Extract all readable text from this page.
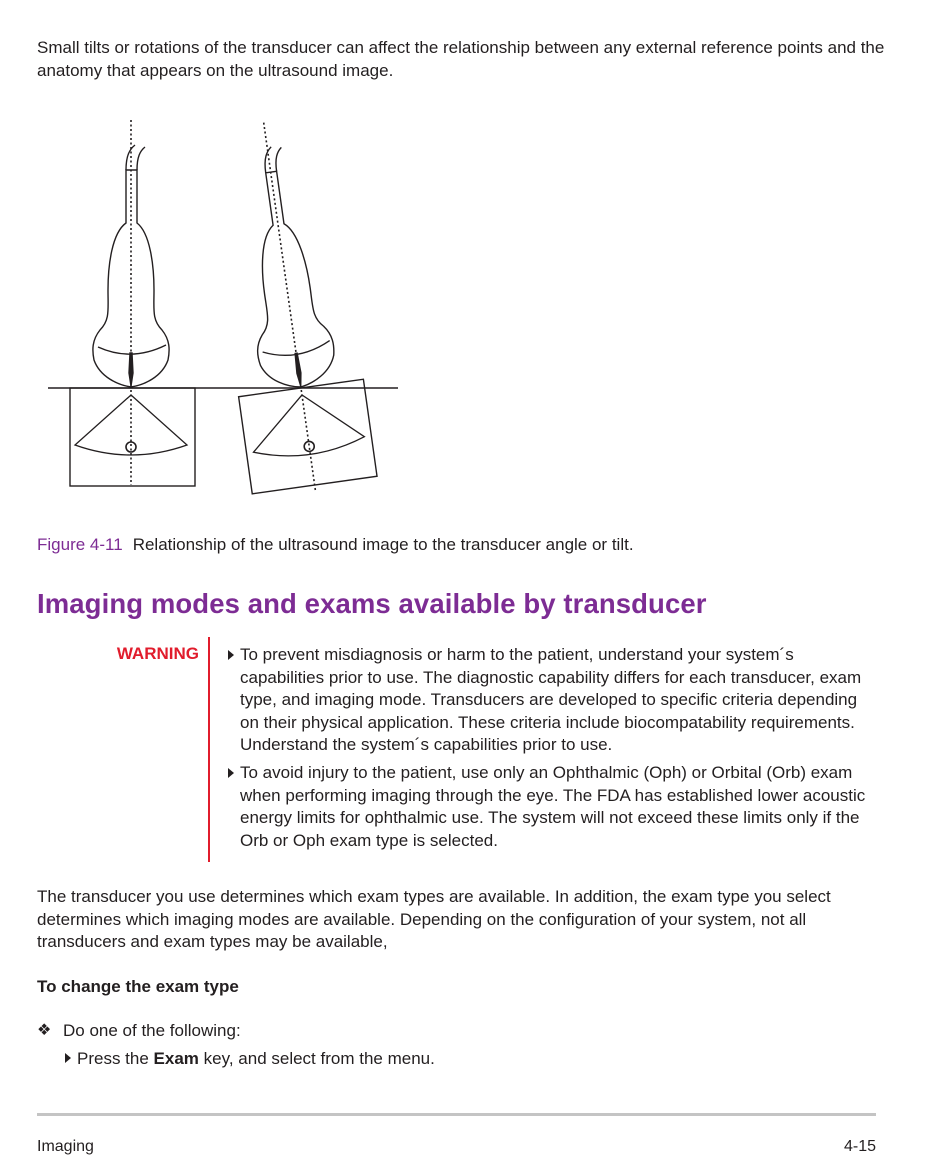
Small tilts or rotations of the transducer can affect the relationship between any external reference points and the anatomy that appears on the ultrasound image.

Figure 4-11 Relationship of the ultrasound image to the transducer angle or tilt.

Imaging modes and exams available by transducer
WARNING To prevent misdiagnosis or harm to the patient, understand your system´s capabilities prior to use. The diagnostic capability differs for each transducer, exam type, and imaging mode. Transducers are developed to specific criteria depending on their physical application. These criteria include biocompatability requirements. Understand the system´s capabilities prior to use.
To avoid injury to the patient, use only an Ophthalmic (Oph) or Orbital (Orb) exam when performing imaging through the eye. The FDA has established lower acoustic energy limits for ophthalmic use. The system will not exceed these limits only if the Orb or Oph exam type is selected.

The transducer you use determines which exam types are available. In addition, the exam type you select determines which imaging modes are available. Depending on the configuration of your system, not all transducers and exam types may be available,

To change the exam type

❖ Do one of the following:

Press the Exam key, and select from the menu.

Imaging	4-15
